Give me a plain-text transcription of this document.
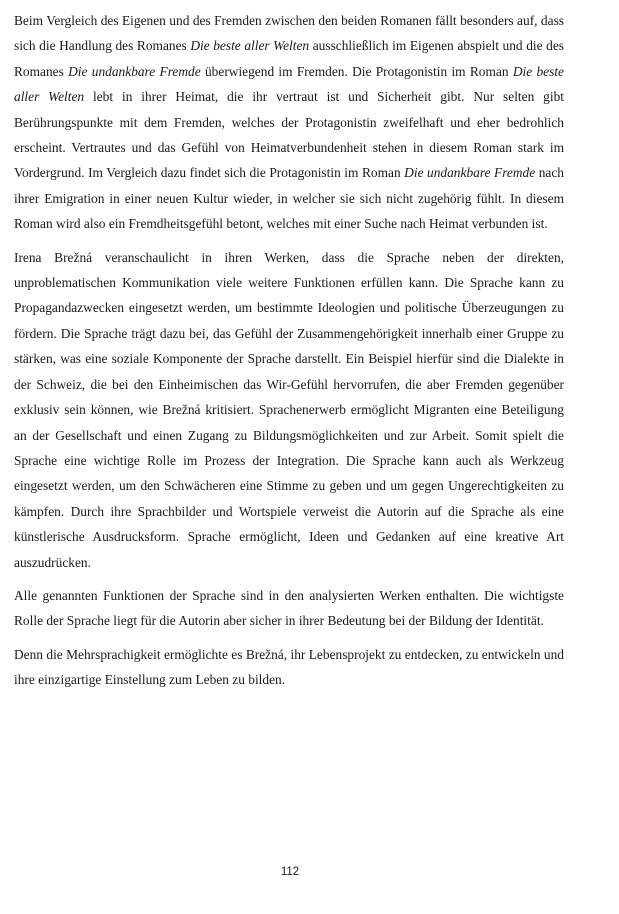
Beim Vergleich des Eigenen und des Fremden zwischen den beiden Romanen fällt besonders auf, dass sich die Handlung des Romanes Die beste aller Welten ausschließlich im Eigenen abspielt und die des Romanes Die undankbare Fremde überwiegend im Fremden. Die Protagonistin im Roman Die beste aller Welten lebt in ihrer Heimat, die ihr vertraut ist und Sicherheit gibt. Nur selten gibt Berührungspunkte mit dem Fremden, welches der Protagonistin zweifelhaft und eher bedrohlich erscheint. Vertrautes und das Gefühl von Heimatverbundenheit stehen in diesem Roman stark im Vordergrund. Im Vergleich dazu findet sich die Protagonistin im Roman Die undankbare Fremde nach ihrer Emigration in einer neuen Kultur wieder, in welcher sie sich nicht zugehörig fühlt. In diesem Roman wird also ein Fremdheitsgefühl betont, welches mit einer Suche nach Heimat verbunden ist.

Irena Brežná veranschaulicht in ihren Werken, dass die Sprache neben der direkten, unproblematischen Kommunikation viele weitere Funktionen erfüllen kann. Die Sprache kann zu Propagandazwecken eingesetzt werden, um bestimmte Ideologien und politische Überzeugungen zu fördern. Die Sprache trägt dazu bei, das Gefühl der Zusammengehörigkeit innerhalb einer Gruppe zu stärken, was eine soziale Komponente der Sprache darstellt. Ein Beispiel hierfür sind die Dialekte in der Schweiz, die bei den Einheimischen das Wir-Gefühl hervorrufen, die aber Fremden gegenüber exklusiv sein können, wie Brežná kritisiert. Sprachenerwerb ermöglicht Migranten eine Beteiligung an der Gesellschaft und einen Zugang zu Bildungsmöglichkeiten und zur Arbeit. Somit spielt die Sprache eine wichtige Rolle im Prozess der Integration. Die Sprache kann auch als Werkzeug eingesetzt werden, um den Schwächeren eine Stimme zu geben und um gegen Ungerechtigkeiten zu kämpfen. Durch ihre Sprachbilder und Wortspiele verweist die Autorin auf die Sprache als eine künstlerische Ausdrucksform. Sprache ermöglicht, Ideen und Gedanken auf eine kreative Art auszudrücken.

Alle genannten Funktionen der Sprache sind in den analysierten Werken enthalten. Die wichtigste Rolle der Sprache liegt für die Autorin aber sicher in ihrer Bedeutung bei der Bildung der Identität.

Denn die Mehrsprachigkeit ermöglichte es Brežná, ihr Lebensprojekt zu entdecken, zu entwickeln und ihre einzigartige Einstellung zum Leben zu bilden.

112
